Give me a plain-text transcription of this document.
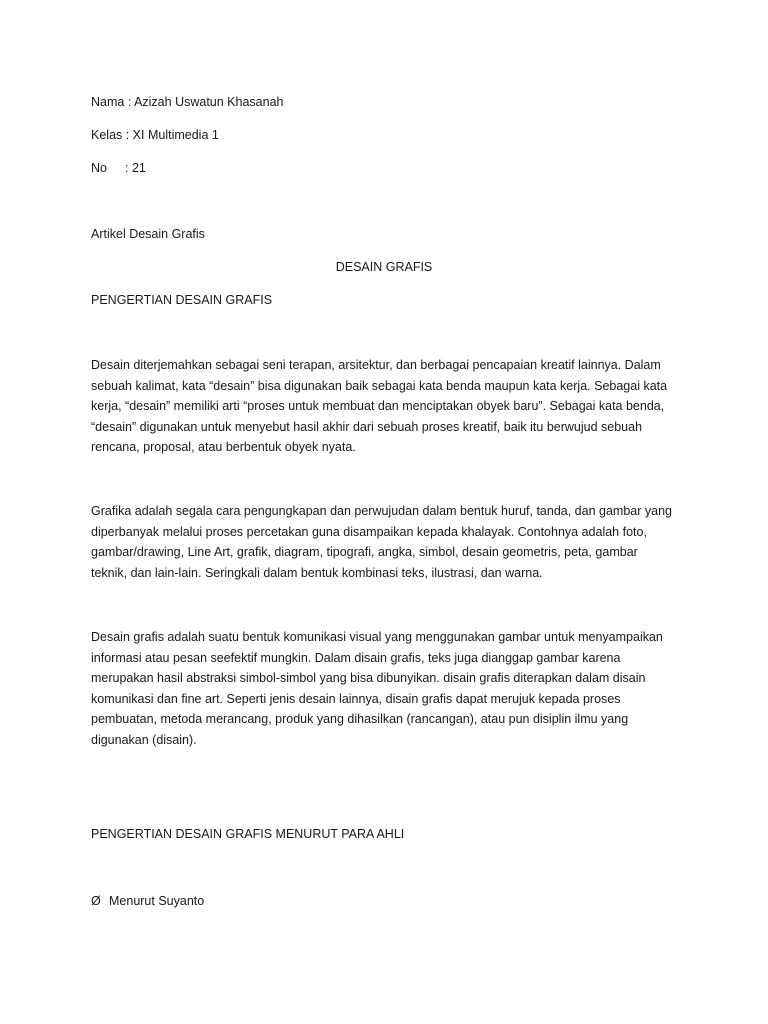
Nama : Azizah Uswatun Khasanah
Kelas : XI Multimedia 1
No : 21
Artikel Desain Grafis
DESAIN GRAFIS
PENGERTIAN DESAIN GRAFIS

Desain diterjemahkan sebagai seni terapan, arsitektur, dan berbagai pencapaian kreatif lainnya. Dalam

sebuah kalimat, kata “desain” bisa digunakan baik sebagai kata benda maupun kata kerja. Sebagai kata

kerja, “desain” memiliki arti “proses untuk membuat dan menciptakan obyek baru”. Sebagai kata benda,

“desain” digunakan untuk menyebut hasil akhir dari sebuah proses kreatif, baik itu berwujud sebuah

rencana, proposal, atau berbentuk obyek nyata.

Grafika adalah segala cara pengungkapan dan perwujudan dalam bentuk huruf, tanda, dan gambar yang

diperbanyak melalui proses percetakan guna disampaikan kepada khalayak. Contohnya adalah foto,

gambar/drawing, Line Art, grafik, diagram, tipografi, angka, simbol, desain geometris, peta, gambar

teknik, dan lain-lain. Seringkali dalam bentuk kombinasi teks, ilustrasi, dan warna.

Desain grafis adalah suatu bentuk komunikasi visual yang menggunakan gambar untuk menyampaikan

informasi atau pesan seefektif mungkin. Dalam disain grafis, teks juga dianggap gambar karena

merupakan hasil abstraksi simbol-simbol yang bisa dibunyikan. disain grafis diterapkan dalam disain

komunikasi dan fine art. Seperti jenis desain lainnya, disain grafis dapat merujuk kepada proses

pembuatan, metoda merancang, produk yang dihasilkan (rancangan), atau pun disiplin ilmu yang

digunakan (disain).

PENGERTIAN DESAIN GRAFIS MENURUT PARA AHLI
Ø Menurut Suyanto
